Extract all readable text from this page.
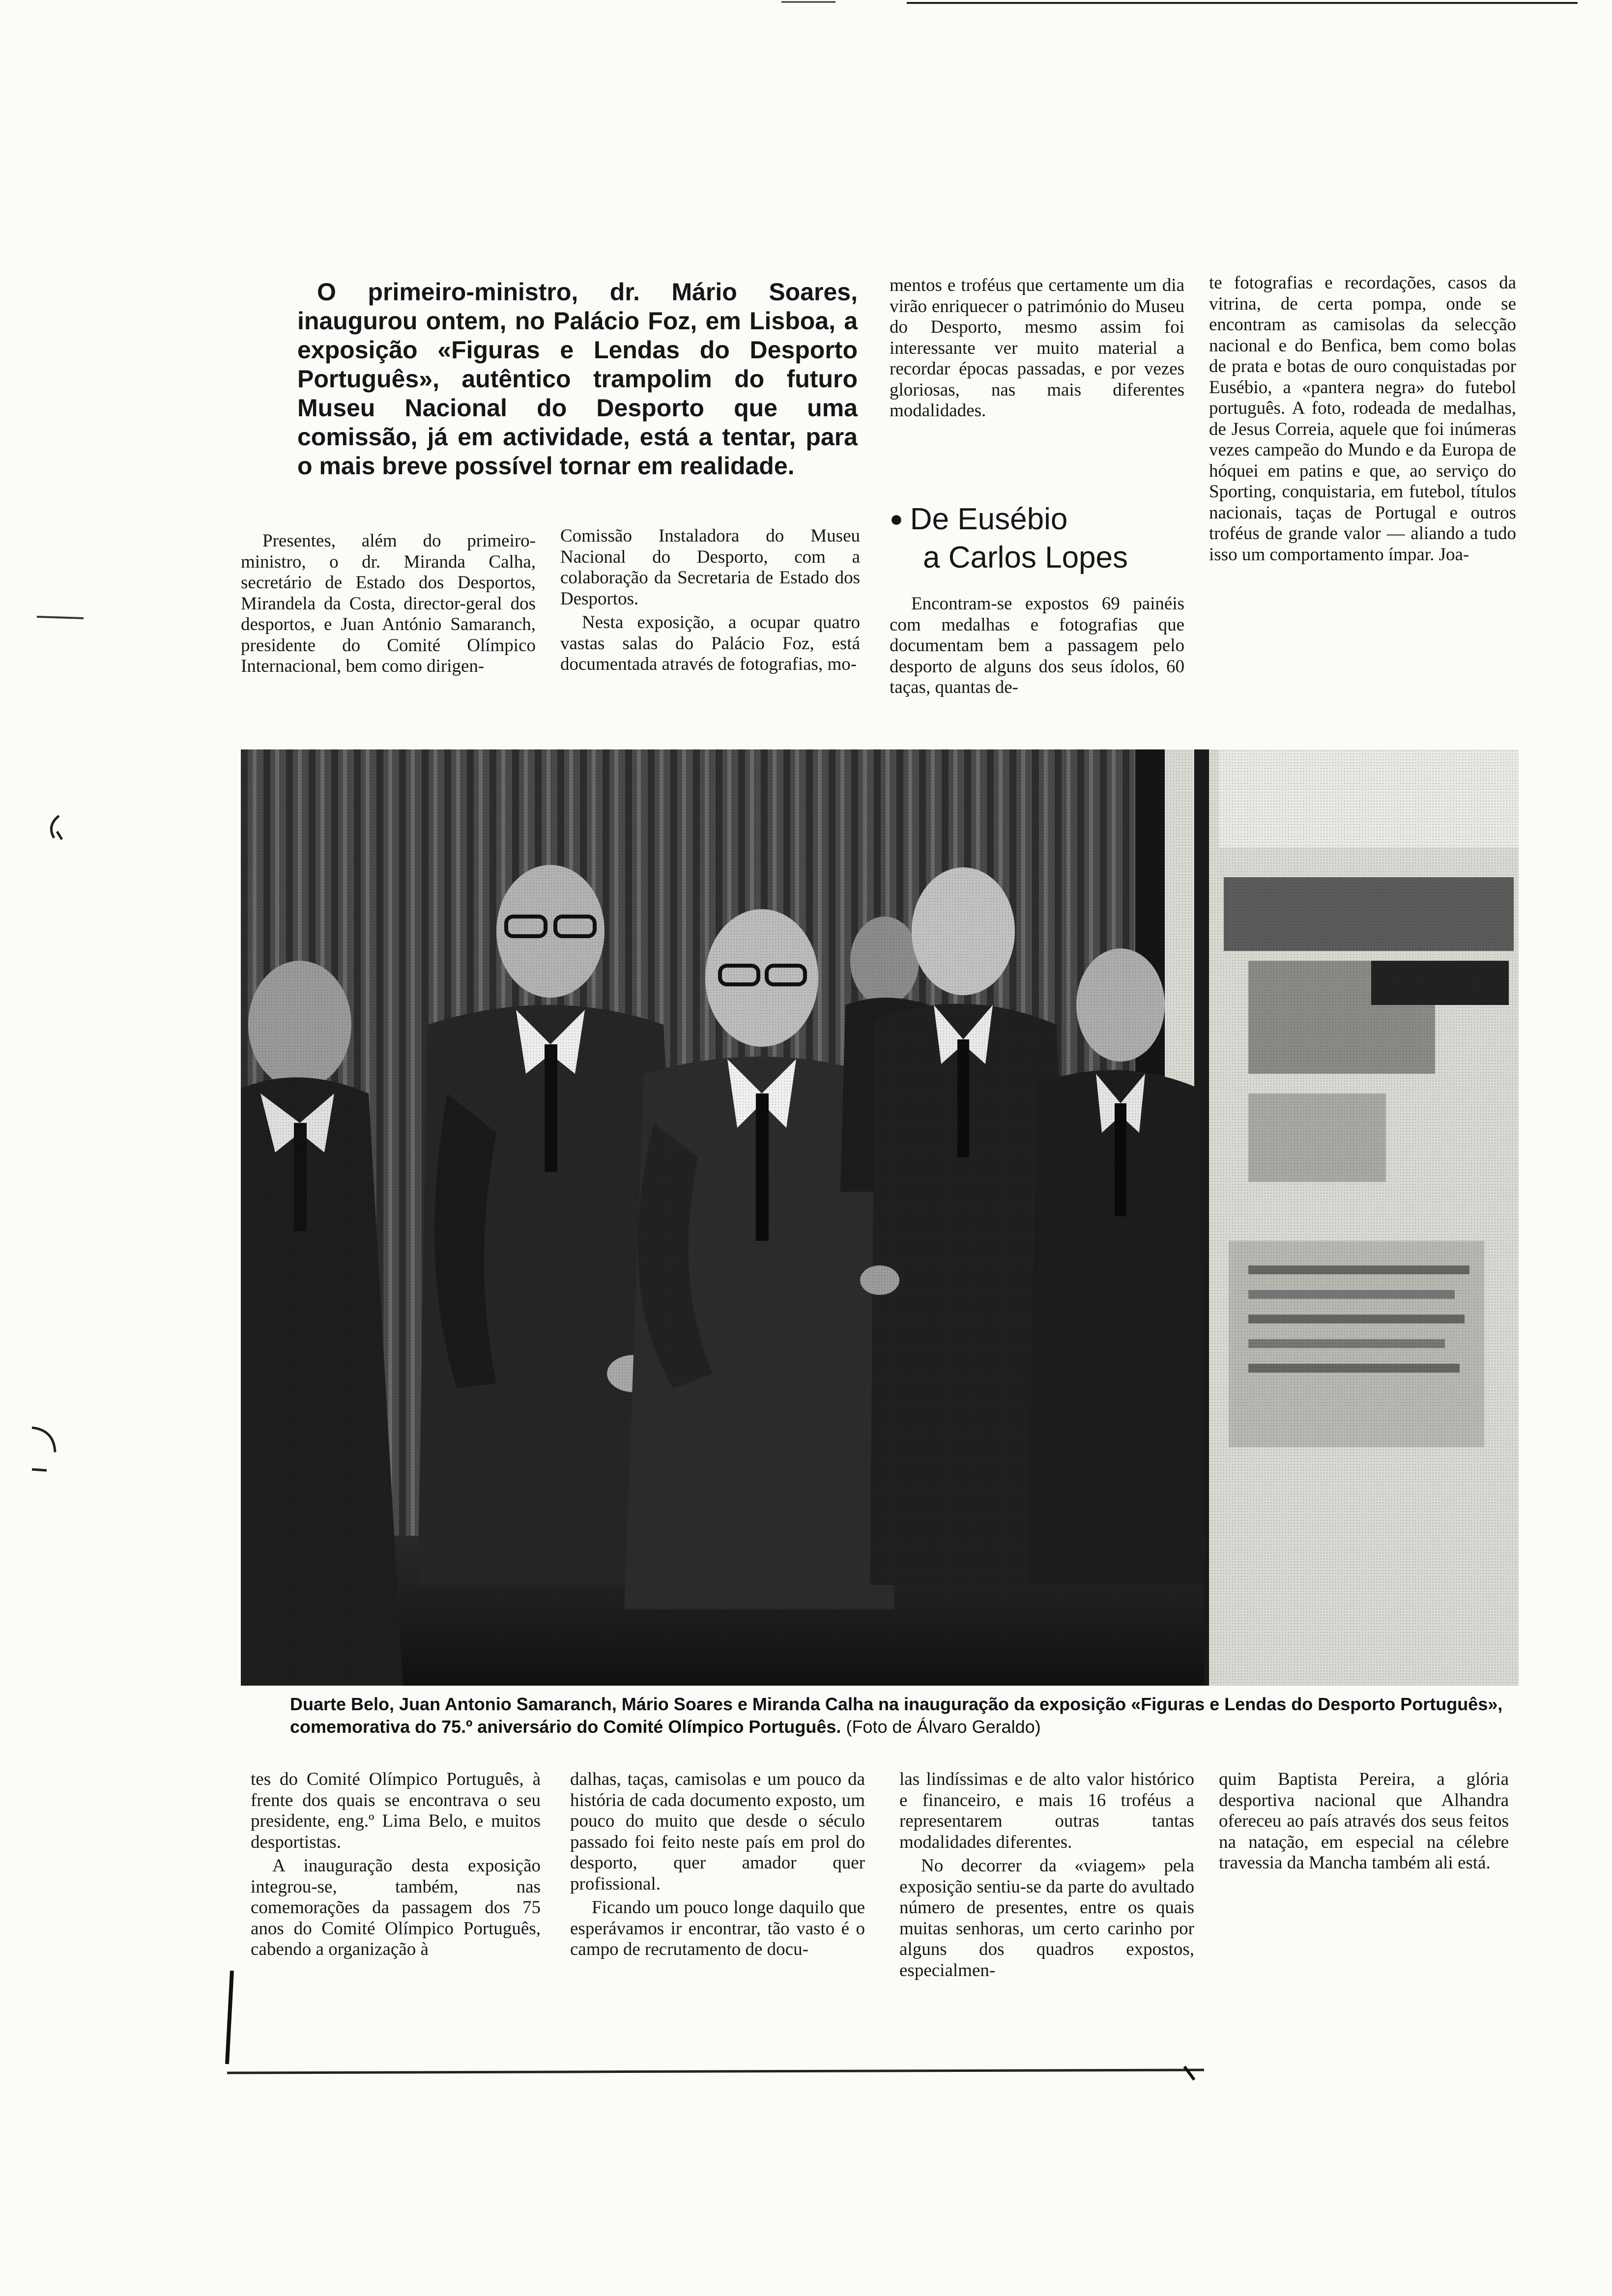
O primeiro-ministro, dr. Mário Soares, inaugurou ontem, no Palácio Foz, em Lisboa, a exposição «Figuras e Lendas do Desporto Português», autêntico trampolim do futuro Museu Nacional do Desporto que uma comissão, já em actividade, está a tentar, para o mais breve possível tornar em realidade.

Presentes, além do primeiro-ministro, o dr. Miranda Calha, secretário de Estado dos Desportos, Mirandela da Costa, director-geral dos desportos, e Juan António Samaranch, presidente do Comité Olímpico Internacional, bem como dirigen-

Comissão Instaladora do Museu Nacional do Desporto, com a colaboração da Secretaria de Estado dos Desportos.

Nesta exposição, a ocupar quatro vastas salas do Palácio Foz, está documentada através de fotografias, mo-

mentos e troféus que certamente um dia virão enriquecer o património do Museu do Desporto, mesmo assim foi interessante ver muito material a recordar épocas passadas, e por vezes gloriosas, nas mais diferentes modalidades.

● De Eusébio
a Carlos Lopes

Encontram-se expostos 69 painéis com medalhas e fotografias que documentam bem a passagem pelo desporto de alguns dos seus ídolos, 60 taças, quantas de-

te fotografias e recordações, casos da vitrina, de certa pompa, onde se encontram as camisolas da selecção nacional e do Benfica, bem como bolas de prata e botas de ouro conquistadas por Eusébio, a «pantera negra» do futebol português. A foto, rodeada de medalhas, de Jesus Correia, aquele que foi inúmeras vezes campeão do Mundo e da Europa de hóquei em patins e que, ao serviço do Sporting, conquistaria, em futebol, títulos nacionais, taças de Portugal e outros troféus de grande valor — aliando a tudo isso um comportamento ímpar. Joa-

Duarte Belo, Juan Antonio Samaranch, Mário Soares e Miranda Calha na inauguração da exposição «Figuras e Lendas do Desporto Português», comemorativa do 75.º aniversário do Comité Olímpico Português. (Foto de Álvaro Geraldo)

tes do Comité Olímpico Português, à frente dos quais se encontrava o seu presidente, eng.º Lima Belo, e muitos desportistas.

A inauguração desta exposição integrou-se, também, nas comemorações da passagem dos 75 anos do Comité Olímpico Português, cabendo a organização à

dalhas, taças, camisolas e um pouco da história de cada documento exposto, um pouco do muito que desde o século passado foi feito neste país em prol do desporto, quer amador quer profissional.

Ficando um pouco longe daquilo que esperávamos ir encontrar, tão vasto é o campo de recrutamento de docu-

las lindíssimas e de alto valor histórico e financeiro, e mais 16 troféus a representarem outras tantas modalidades diferentes.

No decorrer da «viagem» pela exposição sentiu-se da parte do avultado número de presentes, entre os quais muitas senhoras, um certo carinho por alguns dos quadros expostos, especialmen-

quim Baptista Pereira, a glória desportiva nacional que Alhandra ofereceu ao país através dos seus feitos na natação, em especial na célebre travessia da Mancha também ali está.
